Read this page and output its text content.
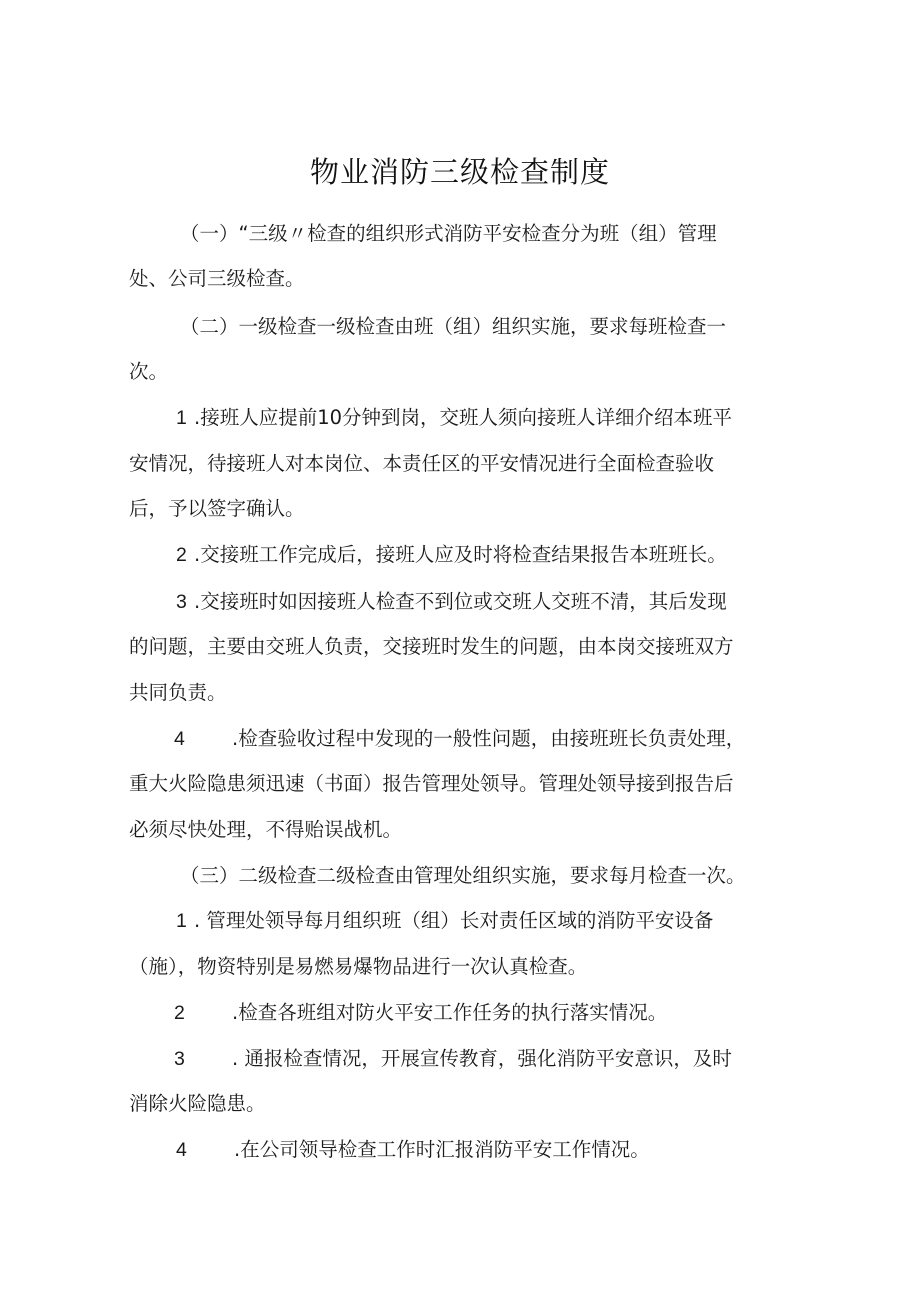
物业消防三级检查制度
（一）“三级〃检查的组织形式消防平安检查分为班（组）管理
处、公司三级检查。
（二）一级检查一级检查由班（组）组织实施，要求每班检查一
次。
1 .接班人应提前10分钟到岗，交班人须向接班人详细介绍本班平
安情况，待接班人对本岗位、本责任区的平安情况进行全面检查验收
后，予以签字确认。
2 .交接班工作完成后，接班人应及时将检查结果报告本班班长。
3 .交接班时如因接班人检查不到位或交班人交班不清，其后发现
的问题，主要由交班人负责，交接班时发生的问题，由本岗交接班双方
共同负责。
4 .检查验收过程中发现的一般性问题，由接班班长负责处理，
重大火险隐患须迅速（书面）报告管理处领导。管理处领导接到报告后
必须尽快处理，不得贻误战机。
（三）二级检查二级检查由管理处组织实施，要求每月检查一次。
1 . 管理处领导每月组织班（组）长对责任区域的消防平安设备
（施），物资特别是易燃易爆物品进行一次认真检查。
2 .检查各班组对防火平安工作任务的执行落实情况。
3 . 通报检查情况，开展宣传教育，强化消防平安意识，及时
消除火险隐患。
4 .在公司领导检查工作时汇报消防平安工作情况。
